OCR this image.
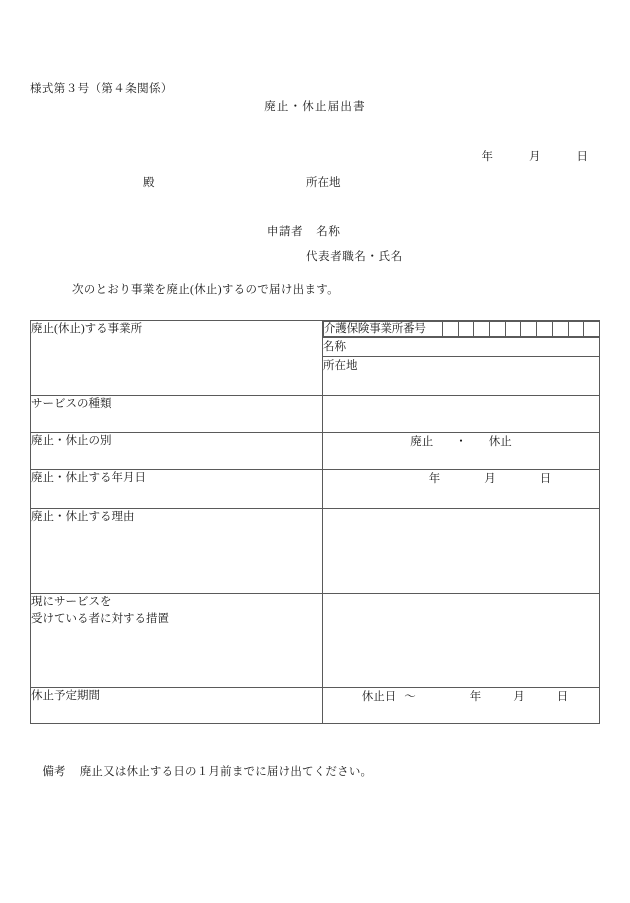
様式第３号（第４条関係）
廃止・休止届出書

年	月	日

殿	所在地

申請者 名称

代表者職名・氏名
次のとおり事業を廃止(休止)するので届け出ます。
廃止(休止)する事業所
		介護保険事業所番号										

名称
所在地

サービスの種類

廃止・休止の別	廃止 ・ 休止

廃止・休止する年月日	年	月	日

廃止・休止する理由

現にサービスを
受けている者に対する措置

休止予定期間	休止日 ～	年	月	日

備考 廃止又は休止する日の１月前までに届け出てください。
